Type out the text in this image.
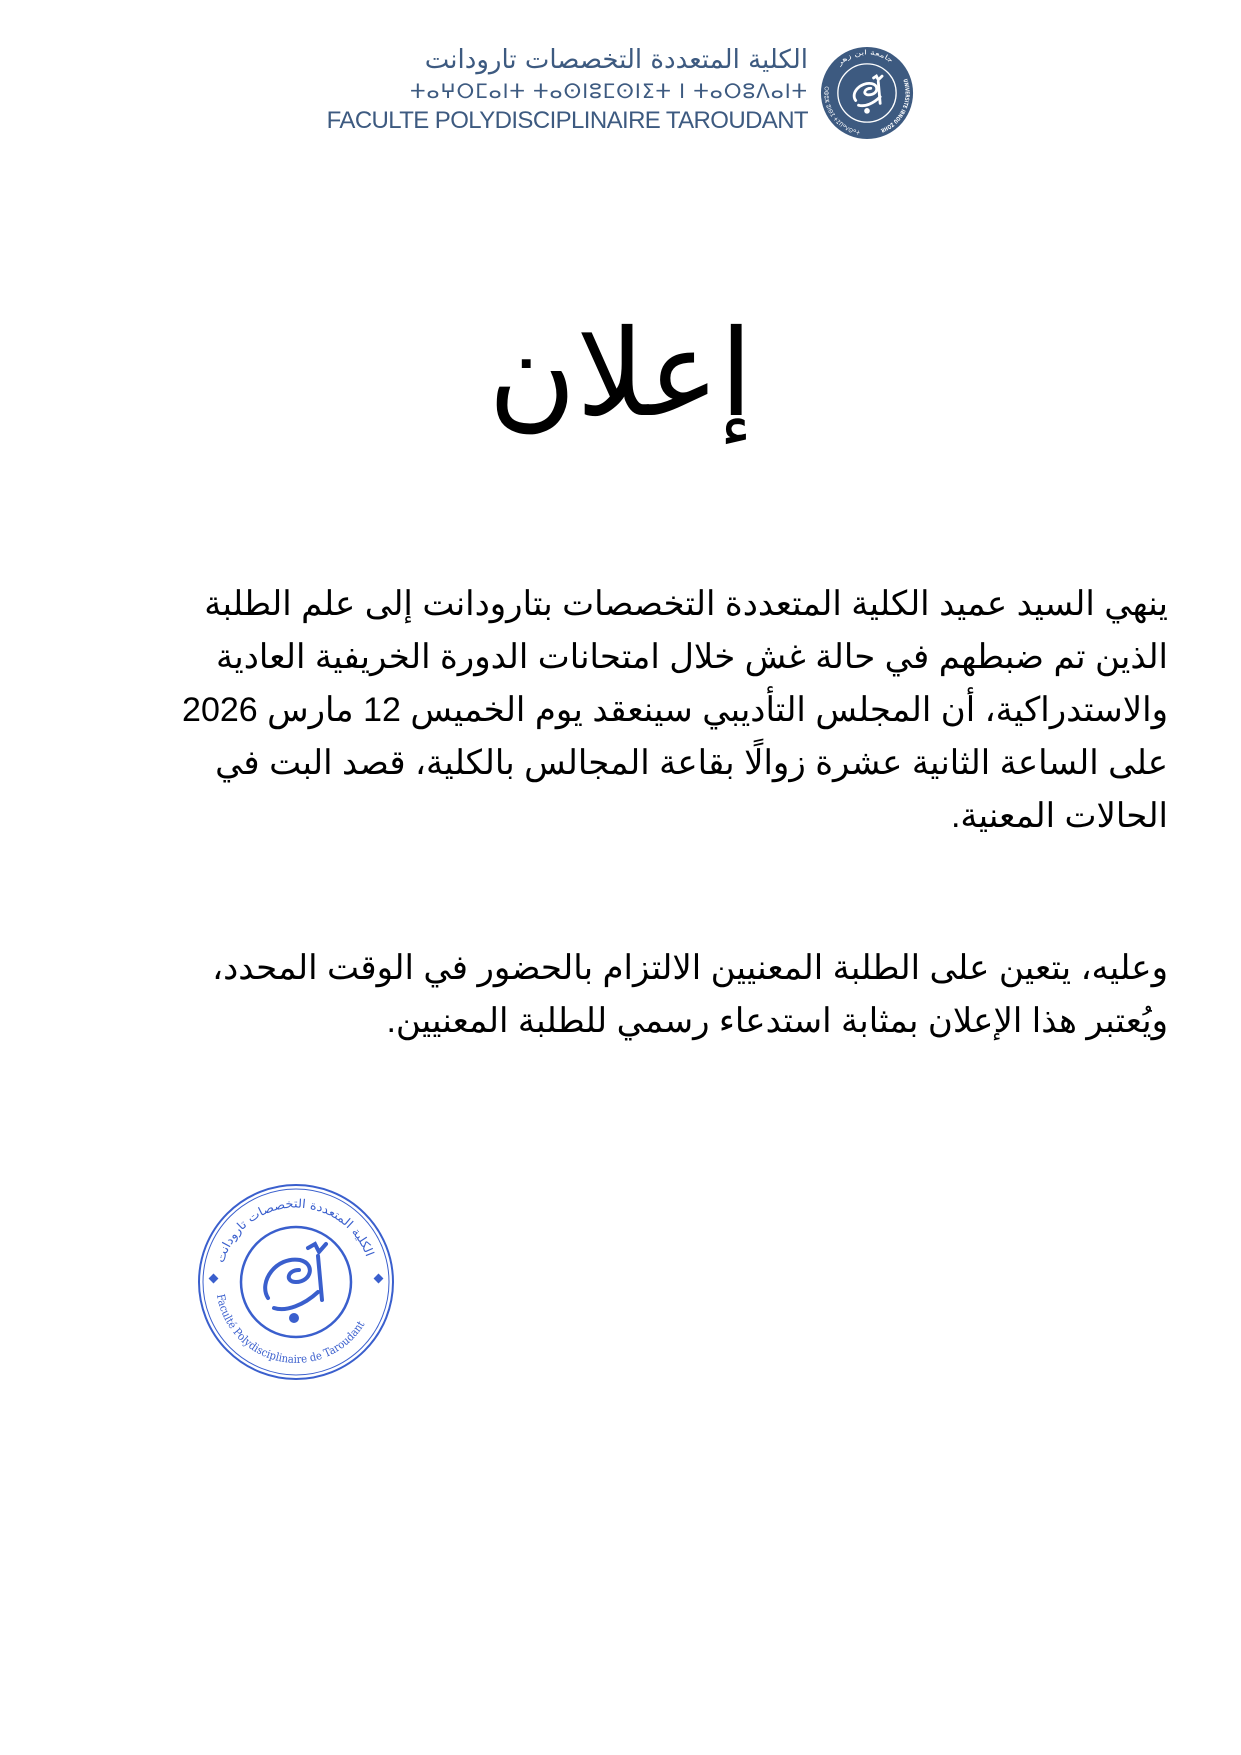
الكلية المتعددة التخصصات تارودانت
ⵜⴰⵖⵔⵎⴰⵏⵜ ⵜⴰⵙⵏⵓⵎⵙⵏⵉⵜ ⵏ ⵜⴰⵔⵓⴷⴰⵏⵜ
FACULTE POLYDISCIPLINAIRE TAROUDANT
جامعة ابن زهر
UNIVERSITE IBNOU ZOHR
ⵜⴰⵙⴷⴰⵡⵉⵜ ⵉⴱⵏⵓ ⵣⵓⵀⵔ
إعلان
ينهي السيد عميد الكلية المتعددة التخصصات بتارودانت إلى علم الطلبة
الذين تم ضبطهم في حالة غش خلال امتحانات الدورة الخريفية العادية
والاستدراكية، أن المجلس التأديبي سينعقد يوم الخميس 12 مارس 2026
على الساعة الثانية عشرة زوالًا بقاعة المجالس بالكلية، قصد البت في
الحالات المعنية.
وعليه، يتعين على الطلبة المعنيين الالتزام بالحضور في الوقت المحدد،
ويُعتبر هذا الإعلان بمثابة استدعاء رسمي للطلبة المعنيين.
الكلية المتعددة التخصصات تارودانت
Faculté Polydisciplinaire de Taroudant
